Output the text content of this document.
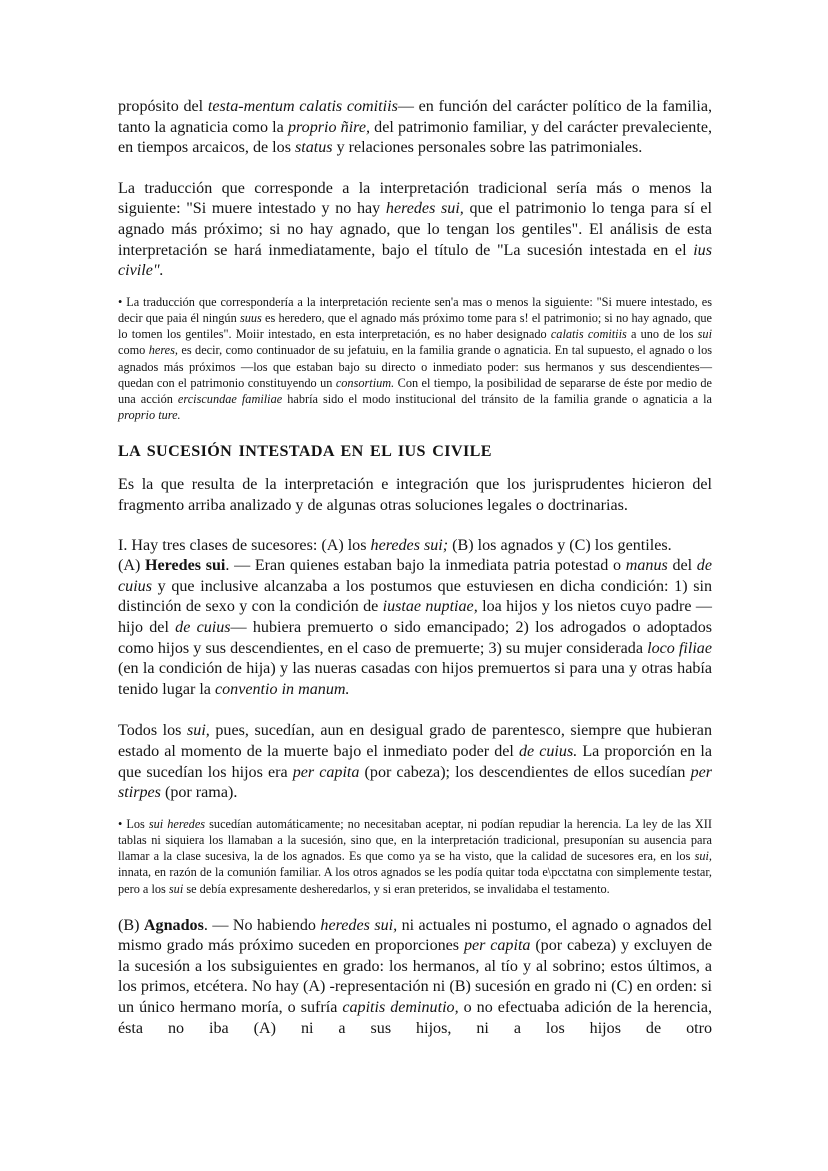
propósito del testa-mentum calatis comitiis— en función del carácter político de la familia, tanto la agnaticia como la proprio ñire, del patrimonio familiar, y del carácter prevaleciente, en tiempos arcaicos, de los status y relaciones personales sobre las patrimoniales.

La traducción que corresponde a la interpretación tradicional sería más o menos la siguiente: "Si muere intestado y no hay heredes sui, que el patrimonio lo tenga para sí el agnado más próximo; si no hay agnado, que lo tengan los gentiles". El análisis de esta interpretación se hará inmediatamente, bajo el título de "La sucesión intestada en el ius civile".

• La traducción que correspondería a la interpretación reciente sen'a mas o menos la siguiente: "Si muere intestado, es decir que paia él ningún suus es heredero, que el agnado más próximo tome para s! el patrimonio; si no hay agnado, que lo tomen los gentiles". Moiir intestado, en esta interpretación, es no haber designado calatis comitiis a uno de los sui como heres, es decir, como continuador de su jefatuiu, en la familia grande o agnaticia. En tal supuesto, el agnado o los agnados más próximos —los que estaban bajo su directo o inmediato poder: sus hermanos y sus descendientes— quedan con el patrimonio constituyendo un consortium. Con el tiempo, la posibilidad de separarse de éste por medio de una acción erciscundae familiae habría sido el modo institucional del tránsito de la familia grande o agnaticia a la proprio ture.

LA SUCESIÓN INTESTADA EN EL IUS CIVILE

Es la que resulta de la interpretación e integración que los jurisprudentes hicieron del fragmento arriba analizado y de algunas otras soluciones legales o doctrinarias.

I. Hay tres clases de sucesores: (A) los heredes sui; (B) los agnados y (C) los gentiles.

(A) Heredes sui. — Eran quienes estaban bajo la inmediata patria potestad o manus del de cuius y que inclusive alcanzaba a los postumos que estuviesen en dicha condición: 1) sin distinción de sexo y con la condición de iustae nuptiae, loa hijos y los nietos cuyo padre —hijo del de cuius— hubiera premuerto o sido emancipado; 2) los adrogados o adoptados como hijos y sus descendientes, en el caso de premuerte; 3) su mujer considerada loco filiae (en la condición de hija) y las nueras casadas con hijos premuertos si para una y otras había tenido lugar la conventio in manum.

Todos los sui, pues, sucedían, aun en desigual grado de parentesco, siempre que hubieran estado al momento de la muerte bajo el inmediato poder del de cuius. La proporción en la que sucedían los hijos era per capita (por cabeza); los descendientes de ellos sucedían per stirpes (por rama).

• Los sui heredes sucedían automáticamente; no necesitaban aceptar, ni podían repudiar la herencia. La ley de las XII tablas ni siquiera los llamaban a la sucesión, sino que, en la interpretación tradicional, presuponían su ausencia para llamar a la clase sucesiva, la de los agnados. Es que como ya se ha visto, que la calidad de sucesores era, en los sui, innata, en razón de la comunión familiar. A los otros agnados se les podía quitar toda e\pcctatna con simplemente testar, pero a los sui se debía expresamente desheredarlos, y si eran preteridos, se invalidaba el testamento.

(B) Agnados. — No habiendo heredes sui, ni actuales ni postumo, el agnado o agnados del mismo grado más próximo suceden en proporciones per capita (por cabeza) y excluyen de la sucesión a los subsiguientes en grado: los hermanos, al tío y al sobrino; estos últimos, a los primos, etcétera. No hay (A) -representación ni (B) sucesión en grado ni (C) en orden: si un único hermano moría, o sufría capitis deminutio, o no efectuaba adición de la herencia, ésta no iba (A) ni a sus hijos, ni a los hijos de otro
